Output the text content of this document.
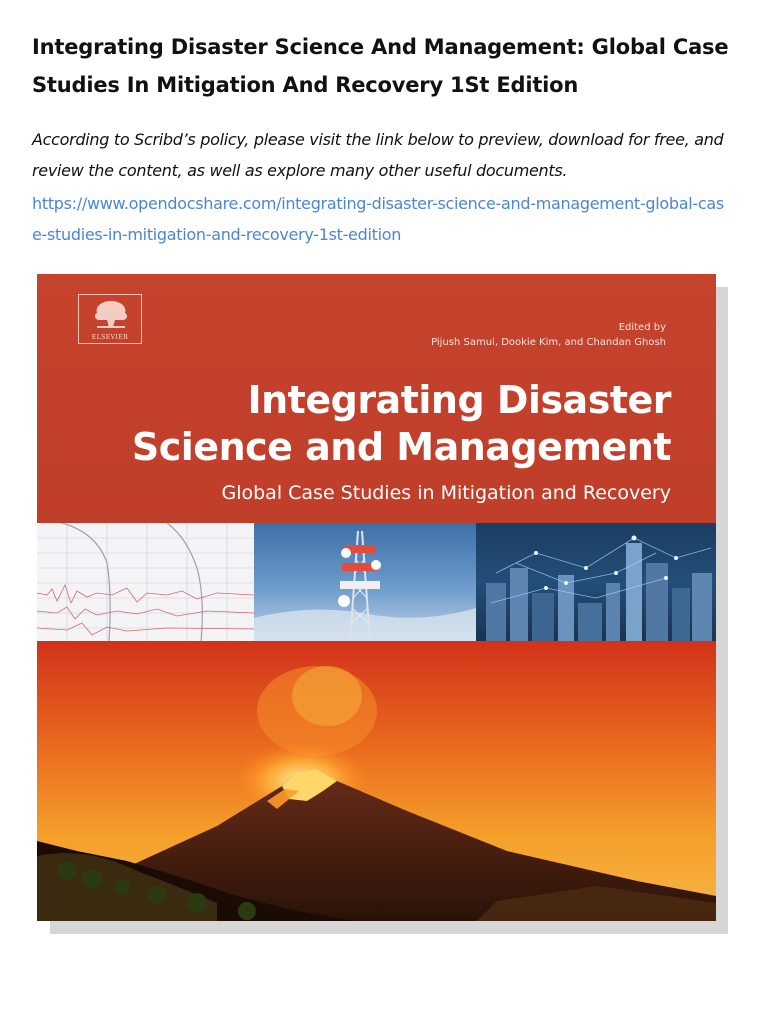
Integrating Disaster Science And Management: Global Case Studies In Mitigation And Recovery 1St Edition
According to Scribd’s policy, please visit the link below to preview, download for free, and review the content, as well as explore many other useful documents.
https://www.opendocshare.com/integrating-disaster-science-and-management-global-case-studies-in-mitigation-and-recovery-1st-edition
ELSEVIER
Edited by
Pijush Samui, Dookie Kim, and Chandan Ghosh
Integrating Disaster
Science and Management
Global Case Studies in Mitigation and Recovery
